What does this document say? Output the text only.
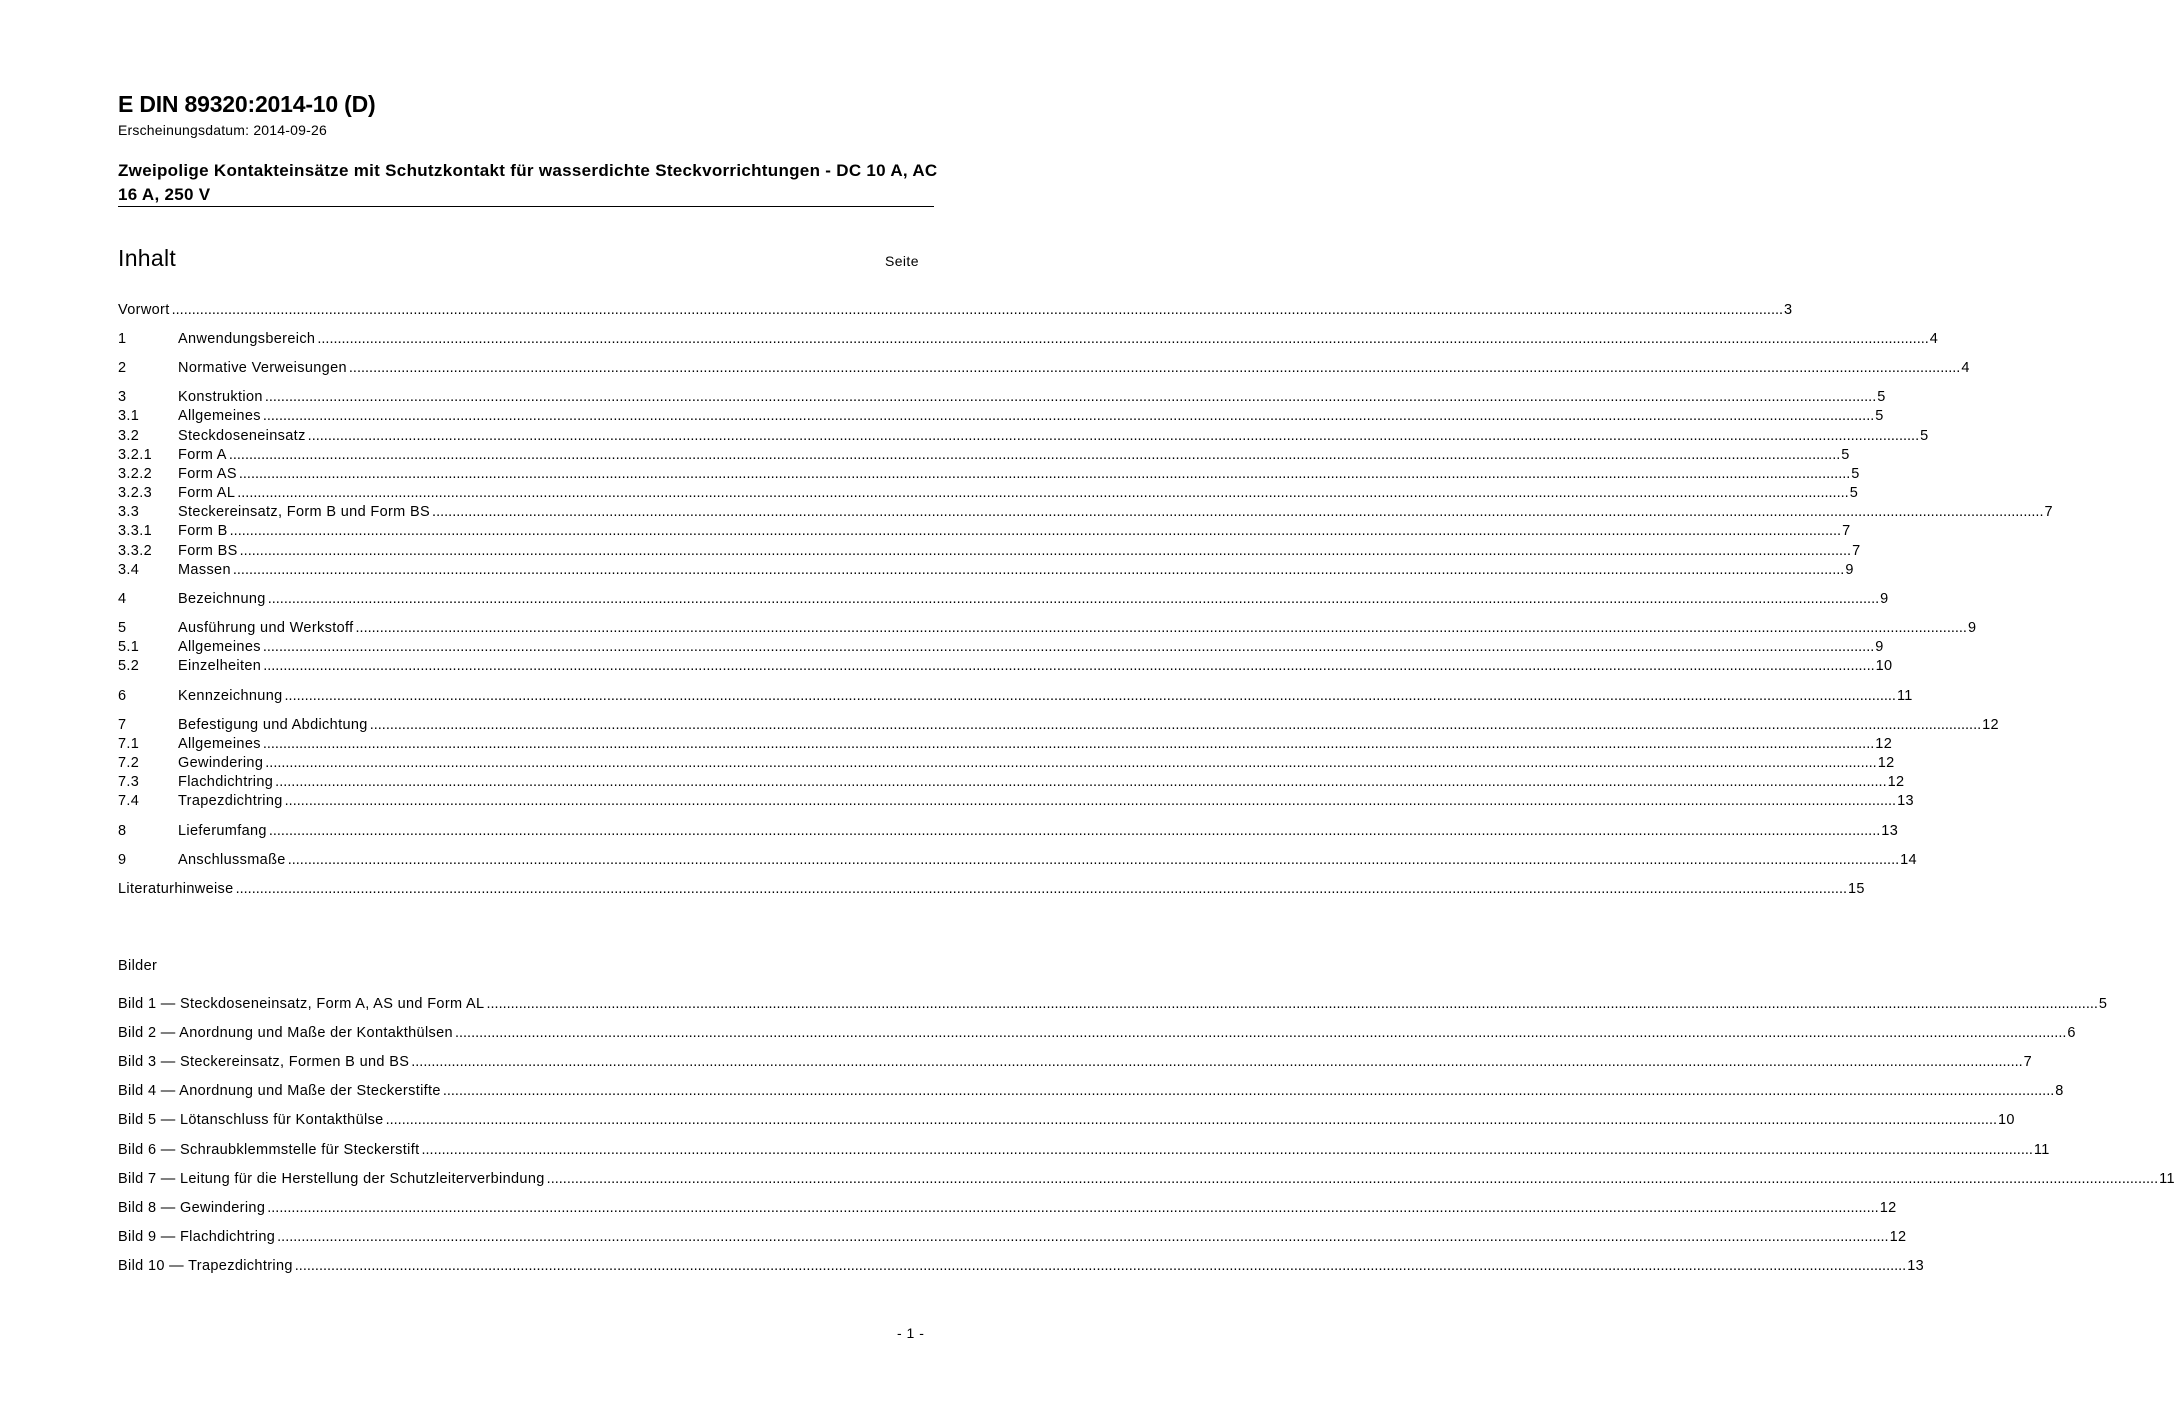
E DIN 89320:2014-10 (D)
Erscheinungsdatum: 2014-09-26
Zweipolige Kontakteinsätze mit Schutzkontakt für wasserdichte Steckvorrichtungen - DC 10 A, AC 16 A, 250 V
Inhalt	Seite
Vorwort ................................................................................................................................................................................................................................................................................................................................................................................................................ 3
1	Anwendungsbereich ................................................................................................................................................................................................................................................................................................................................................................................................................ 4
2	Normative Verweisungen ................................................................................................................................................................................................................................................................................................................................................................................................................ 4
3	Konstruktion ................................................................................................................................................................................................................................................................................................................................................................................................................ 5
3.1	Allgemeines ................................................................................................................................................................................................................................................................................................................................................................................................................ 5
3.2	Steckdoseneinsatz ................................................................................................................................................................................................................................................................................................................................................................................................................ 5
3.2.1	Form A ................................................................................................................................................................................................................................................................................................................................................................................................................ 5
3.2.2	Form AS ................................................................................................................................................................................................................................................................................................................................................................................................................ 5
3.2.3	Form AL ................................................................................................................................................................................................................................................................................................................................................................................................................ 5
3.3	Steckereinsatz, Form B und Form BS ................................................................................................................................................................................................................................................................................................................................................................................................................ 7
3.3.1	Form B ................................................................................................................................................................................................................................................................................................................................................................................................................ 7
3.3.2	Form BS ................................................................................................................................................................................................................................................................................................................................................................................................................ 7
3.4	Massen ................................................................................................................................................................................................................................................................................................................................................................................................................ 9
4	Bezeichnung ................................................................................................................................................................................................................................................................................................................................................................................................................ 9
5	Ausführung und Werkstoff ................................................................................................................................................................................................................................................................................................................................................................................................................ 9
5.1	Allgemeines ................................................................................................................................................................................................................................................................................................................................................................................................................ 9
5.2	Einzelheiten ................................................................................................................................................................................................................................................................................................................................................................................................................ 10
6	Kennzeichnung ................................................................................................................................................................................................................................................................................................................................................................................................................ 11
7	Befestigung und Abdichtung ................................................................................................................................................................................................................................................................................................................................................................................................................ 12
7.1	Allgemeines ................................................................................................................................................................................................................................................................................................................................................................................................................ 12
7.2	Gewindering ................................................................................................................................................................................................................................................................................................................................................................................................................ 12
7.3	Flachdichtring ................................................................................................................................................................................................................................................................................................................................................................................................................ 12
7.4	Trapezdichtring ................................................................................................................................................................................................................................................................................................................................................................................................................ 13
8	Lieferumfang ................................................................................................................................................................................................................................................................................................................................................................................................................ 13
9	Anschlussmaße ................................................................................................................................................................................................................................................................................................................................................................................................................ 14
Literaturhinweise ................................................................................................................................................................................................................................................................................................................................................................................................................ 15
Bilder
Bild 1 — Steckdoseneinsatz, Form A, AS und Form AL ................................................................................................................................................................................................................................................................................................................................................................................................................ 5
Bild 2 — Anordnung und Maße der Kontakthülsen ................................................................................................................................................................................................................................................................................................................................................................................................................ 6
Bild 3 — Steckereinsatz, Formen B und BS ................................................................................................................................................................................................................................................................................................................................................................................................................ 7
Bild 4 — Anordnung und Maße der Steckerstifte ................................................................................................................................................................................................................................................................................................................................................................................................................ 8
Bild 5 — Lötanschluss für Kontakthülse ................................................................................................................................................................................................................................................................................................................................................................................................................ 10
Bild 6 — Schraubklemmstelle für Steckerstift ................................................................................................................................................................................................................................................................................................................................................................................................................ 11
Bild 7 — Leitung für die Herstellung der Schutzleiterverbindung ................................................................................................................................................................................................................................................................................................................................................................................................................ 11
Bild 8 — Gewindering ................................................................................................................................................................................................................................................................................................................................................................................................................ 12
Bild 9 — Flachdichtring ................................................................................................................................................................................................................................................................................................................................................................................................................ 12
Bild 10 — Trapezdichtring ................................................................................................................................................................................................................................................................................................................................................................................................................ 13
- 1 -
